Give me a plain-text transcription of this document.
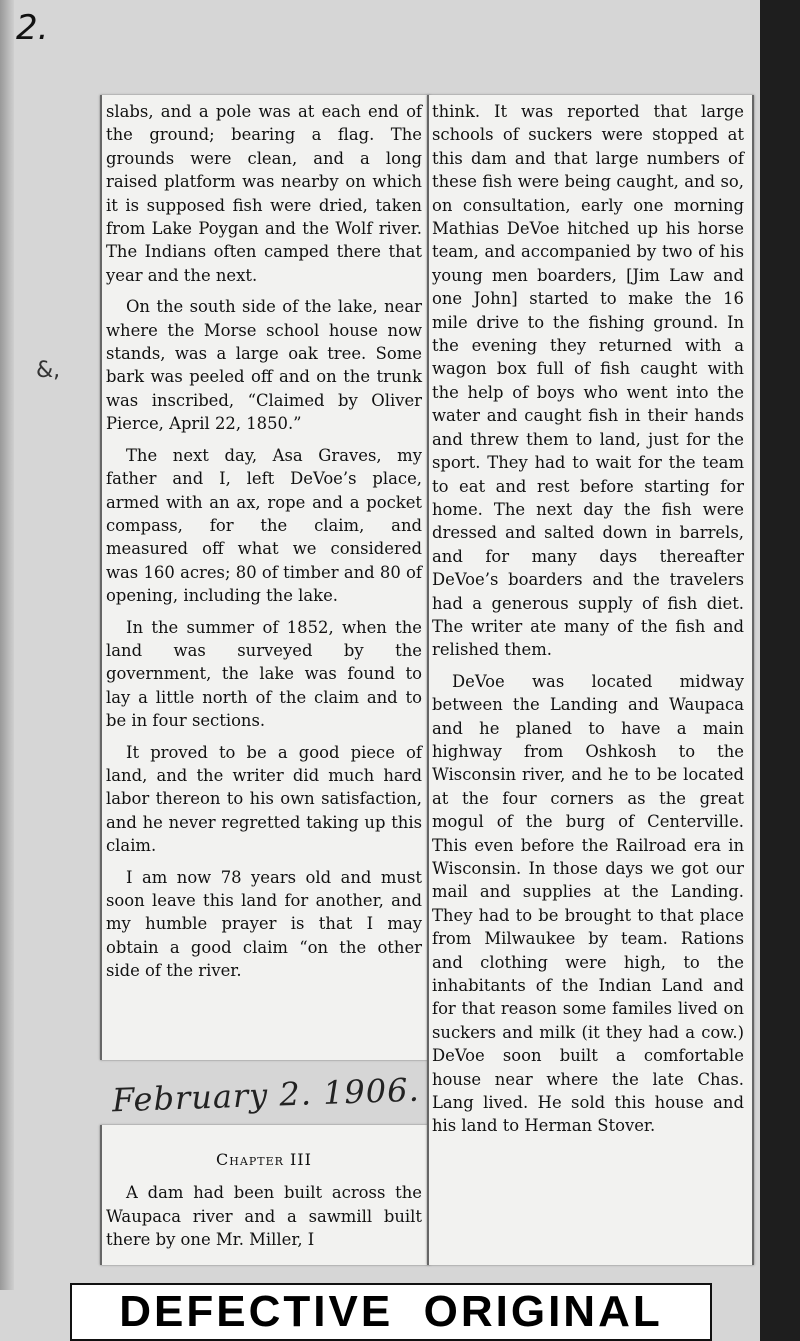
2.
&,

slabs, and a pole was at each end of the ground; bearing a flag. The grounds were clean, and a long raised platform was nearby on which it is supposed fish were dried, taken from Lake Poygan and the Wolf river. The Indians often camped there that year and the next.

On the south side of the lake, near where the Morse school house now stands, was a large oak tree. Some bark was peeled off and on the trunk was inscribed, “Claimed by Oliver Pierce, April 22, 1850.”

The next day, Asa Graves, my father and I, left DeVoe’s place, armed with an ax, rope and a pocket compass, for the claim, and measured off what we considered was 160 acres; 80 of timber and 80 of opening, including the lake.

In the summer of 1852, when the land was surveyed by the government, the lake was found to lay a little north of the claim and to be in four sections.

It proved to be a good piece of land, and the writer did much hard labor thereon to his own satisfaction, and he never regretted taking up this claim.

I am now 78 years old and must soon leave this land for another, and my humble prayer is that I may obtain a good claim “on the other side of the river.

February 2. 1906.
Chapter III

A dam had been built across the Waupaca river and a sawmill built there by one Mr. Miller, I

think. It was reported that large schools of suckers were stopped at this dam and that large numbers of these fish were being caught, and so, on consultation, early one morning Mathias DeVoe hitched up his horse team, and accompanied by two of his young men boarders, [Jim Law and one John] started to make the 16 mile drive to the fishing ground. In the evening they returned with a wagon box full of fish caught with the help of boys who went into the water and caught fish in their hands and threw them to land, just for the sport. They had to wait for the team to eat and rest before starting for home. The next day the fish were dressed and salted down in barrels, and for many days thereafter DeVoe’s boarders and the travelers had a generous supply of fish diet. The writer ate many of the fish and relished them.

DeVoe was located midway between the Landing and Waupaca and he planed to have a main highway from Oshkosh to the Wisconsin river, and he to be located at the four corners as the great mogul of the burg of Centerville. This even before the Railroad era in Wisconsin. In those days we got our mail and supplies at the Landing. They had to be brought to that place from Milwaukee by team. Rations and clothing were high, to the inhabitants of the Indian Land and for that reason some familes lived on suckers and milk (it they had a cow.) DeVoe soon built a comfortable house near where the late Chas. Lang lived. He sold this house and his land to Herman Stover.

DEFECTIVE  ORIGINAL
